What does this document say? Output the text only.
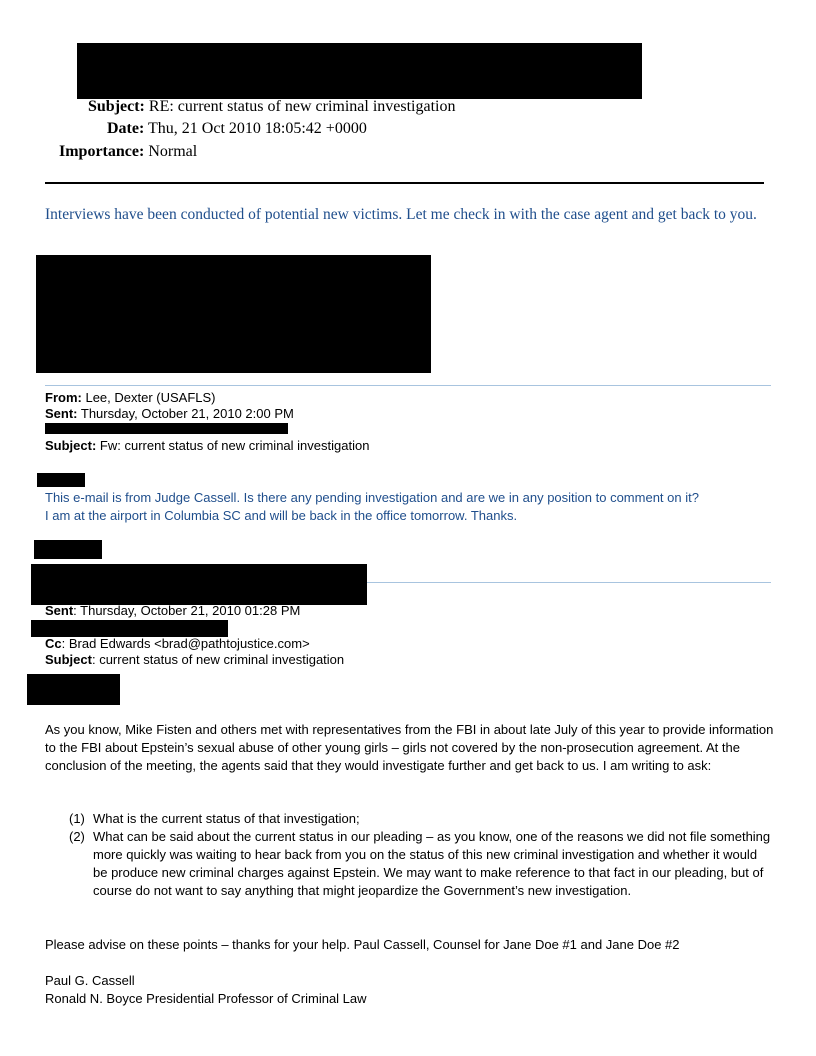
Subject: RE: current status of new criminal investigation
Date: Thu, 21 Oct 2010 18:05:42 +0000
Importance: Normal
Interviews have been conducted of potential new victims. Let me check in with the case agent and get back to you.
From: Lee, Dexter (USAFLS)
Sent: Thursday, October 21, 2010 2:00 PM
Subject: Fw: current status of new criminal investigation
This e-mail is from Judge Cassell. Is there any pending investigation and are we in any position to comment on it?
I am at the airport in Columbia SC and will be back in the office tomorrow. Thanks.
Sent: Thursday, October 21, 2010 01:28 PM
Cc: Brad Edwards <brad@pathtojustice.com>
Subject: current status of new criminal investigation
As you know, Mike Fisten and others met with representatives from the FBI in about late July of this year to provide information to the FBI about Epstein’s sexual abuse of other young girls – girls not covered by the non-prosecution agreement. At the conclusion of the meeting, the agents said that they would investigate further and get back to us. I am writing to ask:
(1) What is the current status of that investigation;
(2) What can be said about the current status in our pleading – as you know, one of the reasons we did not file something more quickly was waiting to hear back from you on the status of this new criminal investigation and whether it would be produce new criminal charges against Epstein. We may want to make reference to that fact in our pleading, but of course do not want to say anything that might jeopardize the Government’s new investigation.
Please advise on these points – thanks for your help. Paul Cassell, Counsel for Jane Doe #1 and Jane Doe #2
Paul G. Cassell
Ronald N. Boyce Presidential Professor of Criminal Law
